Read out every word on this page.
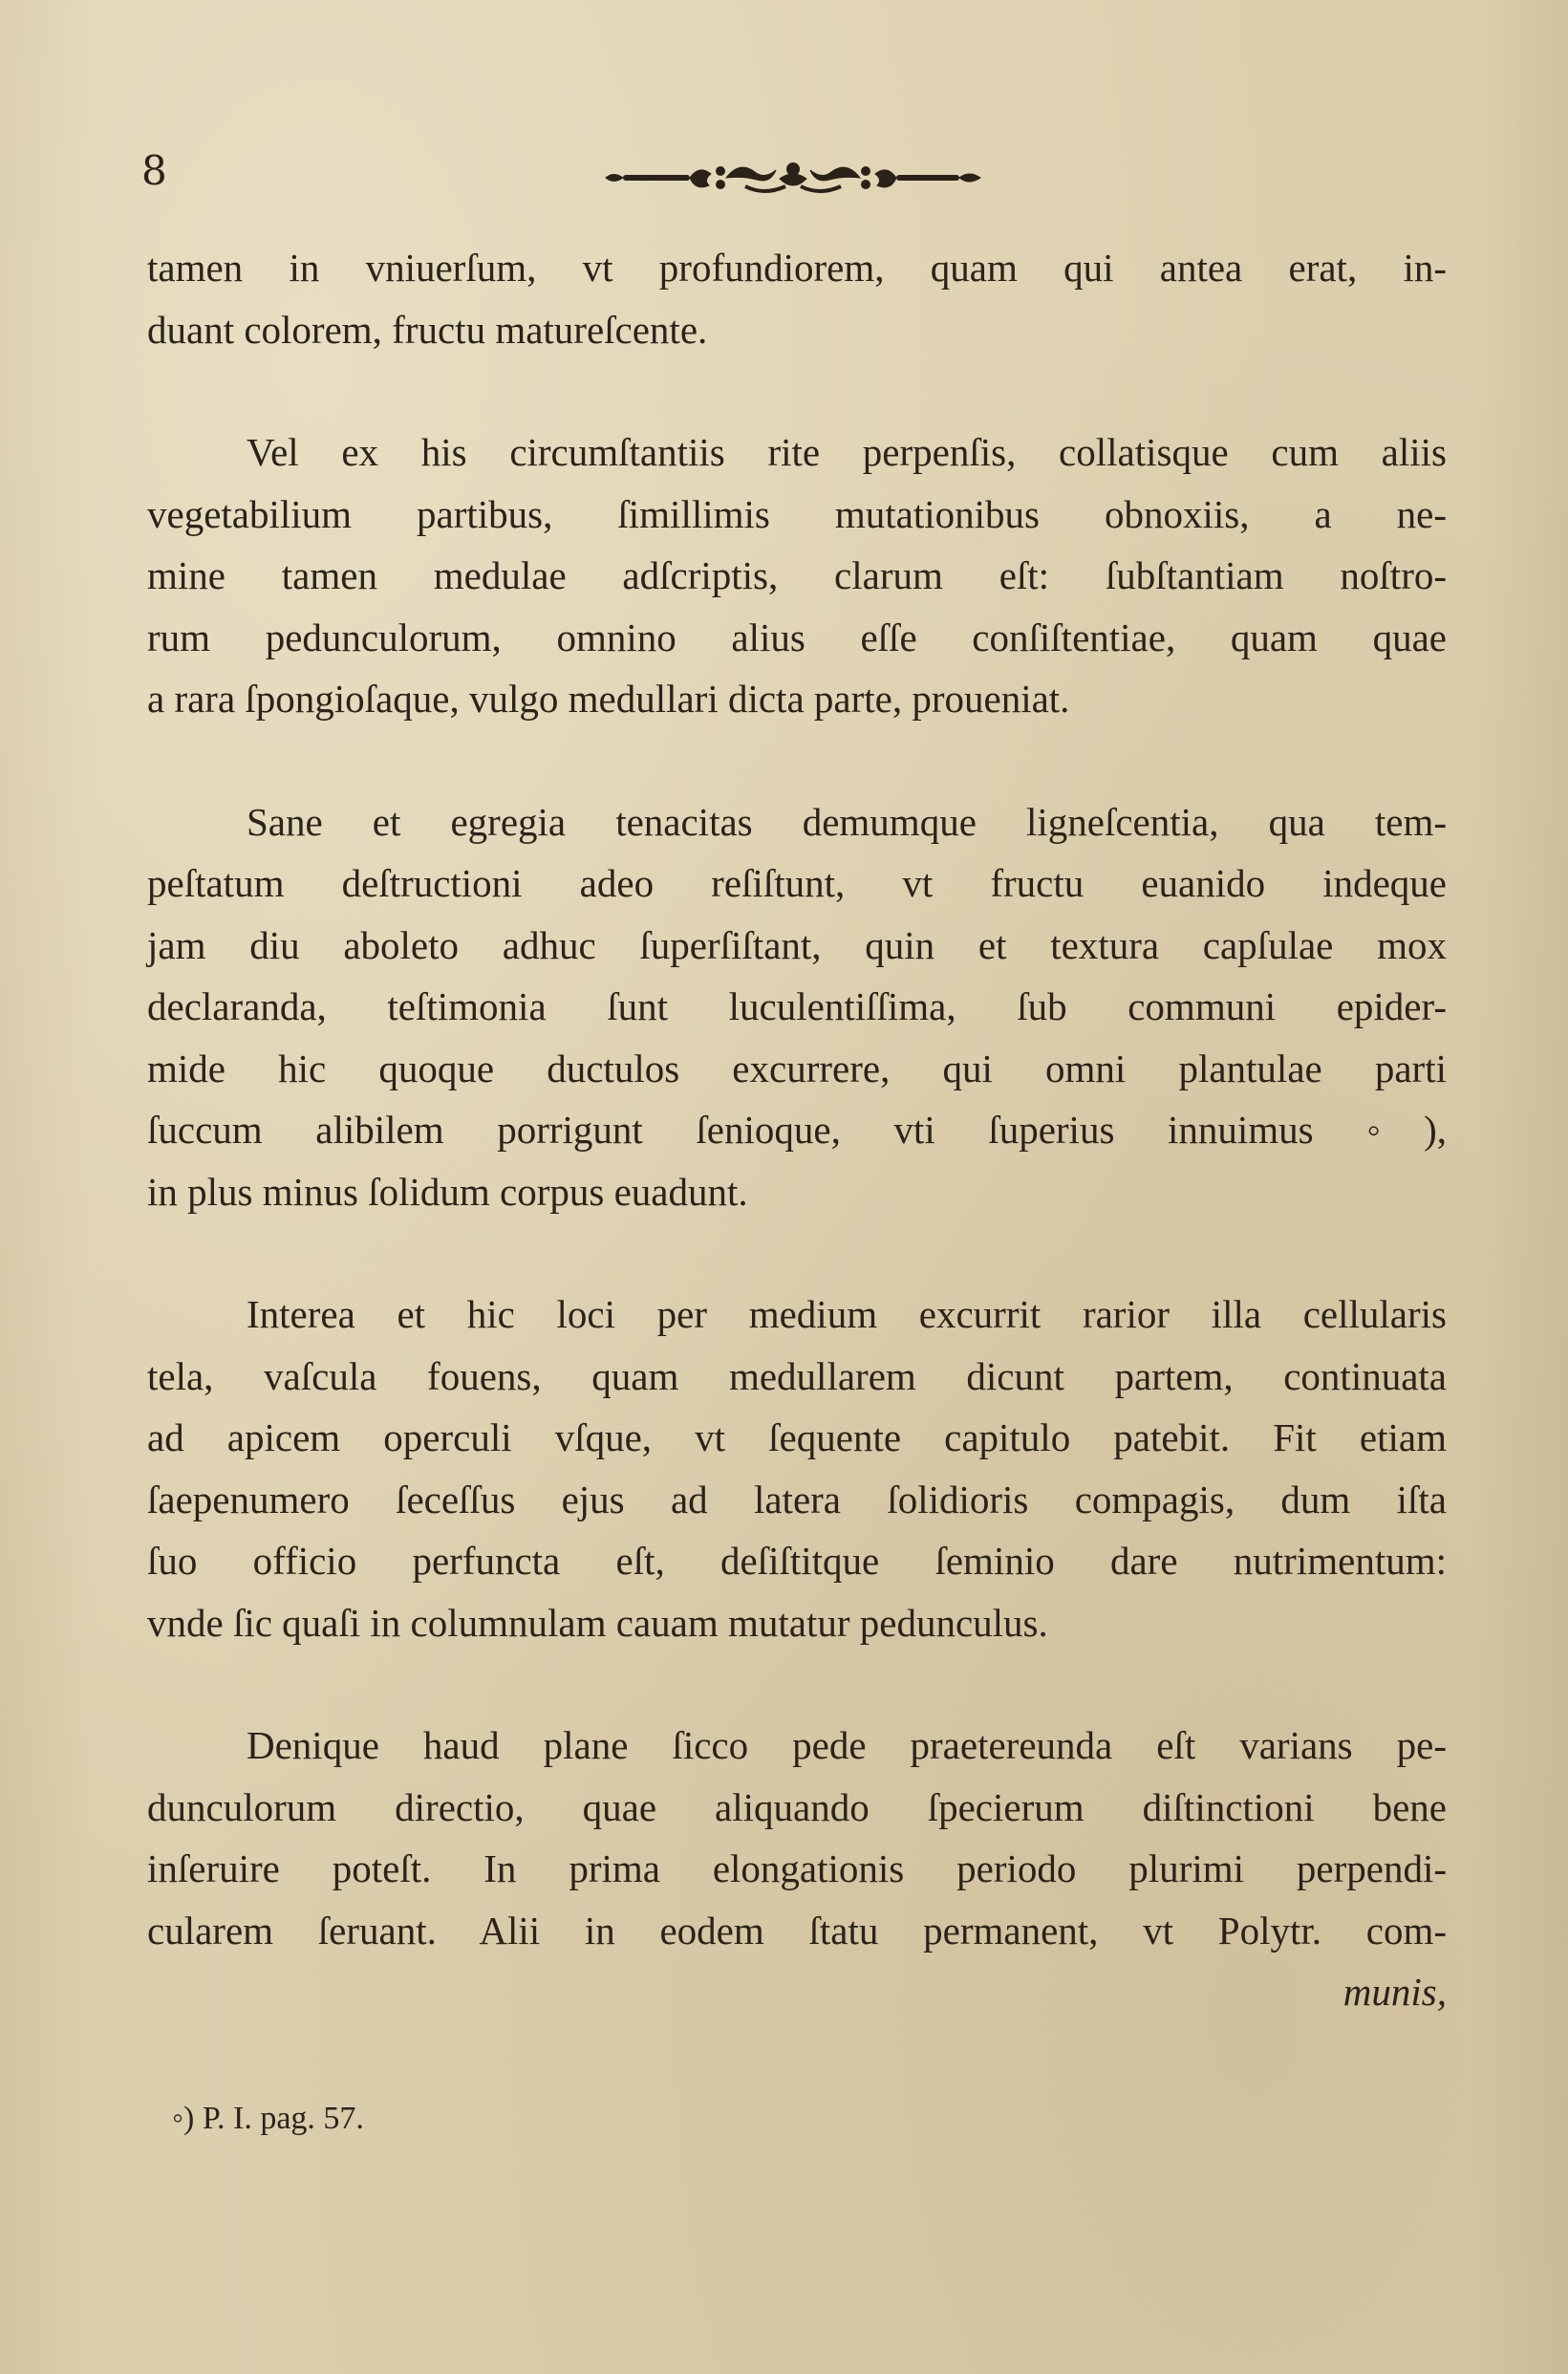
8
tamen in vniuerſum, vt profundiorem, quam qui antea erat, in-
duant colorem, fructu matureſcente.
Vel ex his circumſtantiis rite perpenſis, collatisque cum aliis
vegetabilium partibus, ſimillimis mutationibus obnoxiis, a ne-
mine tamen medulae adſcriptis, clarum eſt: ſubſtantiam noſtro-
rum pedunculorum, omnino alius eſſe conſiſtentiae, quam quae
a rara ſpongioſaque, vulgo medullari dicta parte, proueniat.
Sane et egregia tenacitas demumque ligneſcentia, qua tem-
peſtatum deſtructioni adeo reſiſtunt, vt fructu euanido indeque
jam diu aboleto adhuc ſuperſiſtant, quin et textura capſulae mox
declaranda, teſtimonia ſunt luculentiſſima, ſub communi epider-
mide hic quoque ductulos excurrere, qui omni plantulae parti
ſuccum alibilem porrigunt ſenioque, vti ſuperius innuimus ◦),
in plus minus ſolidum corpus euadunt.
Interea et hic loci per medium excurrit rarior illa cellularis
tela, vaſcula fouens, quam medullarem dicunt partem, continuata
ad apicem operculi vſque, vt ſequente capitulo patebit. Fit etiam
ſaepenumero ſeceſſus ejus ad latera ſolidioris compagis, dum iſta
ſuo officio perfuncta eſt, deſiſtitque ſeminio dare nutrimentum:
vnde ſic quaſi in columnulam cauam mutatur pedunculus.
Denique haud plane ſicco pede praetereunda eſt varians pe-
dunculorum directio, quae aliquando ſpecierum diſtinctioni bene
inſeruire poteſt. In prima elongationis periodo plurimi perpendi-
cularem ſeruant. Alii in eodem ſtatu permanent, vt Polytr. com-
munis,
◦) P. I. pag. 57.
